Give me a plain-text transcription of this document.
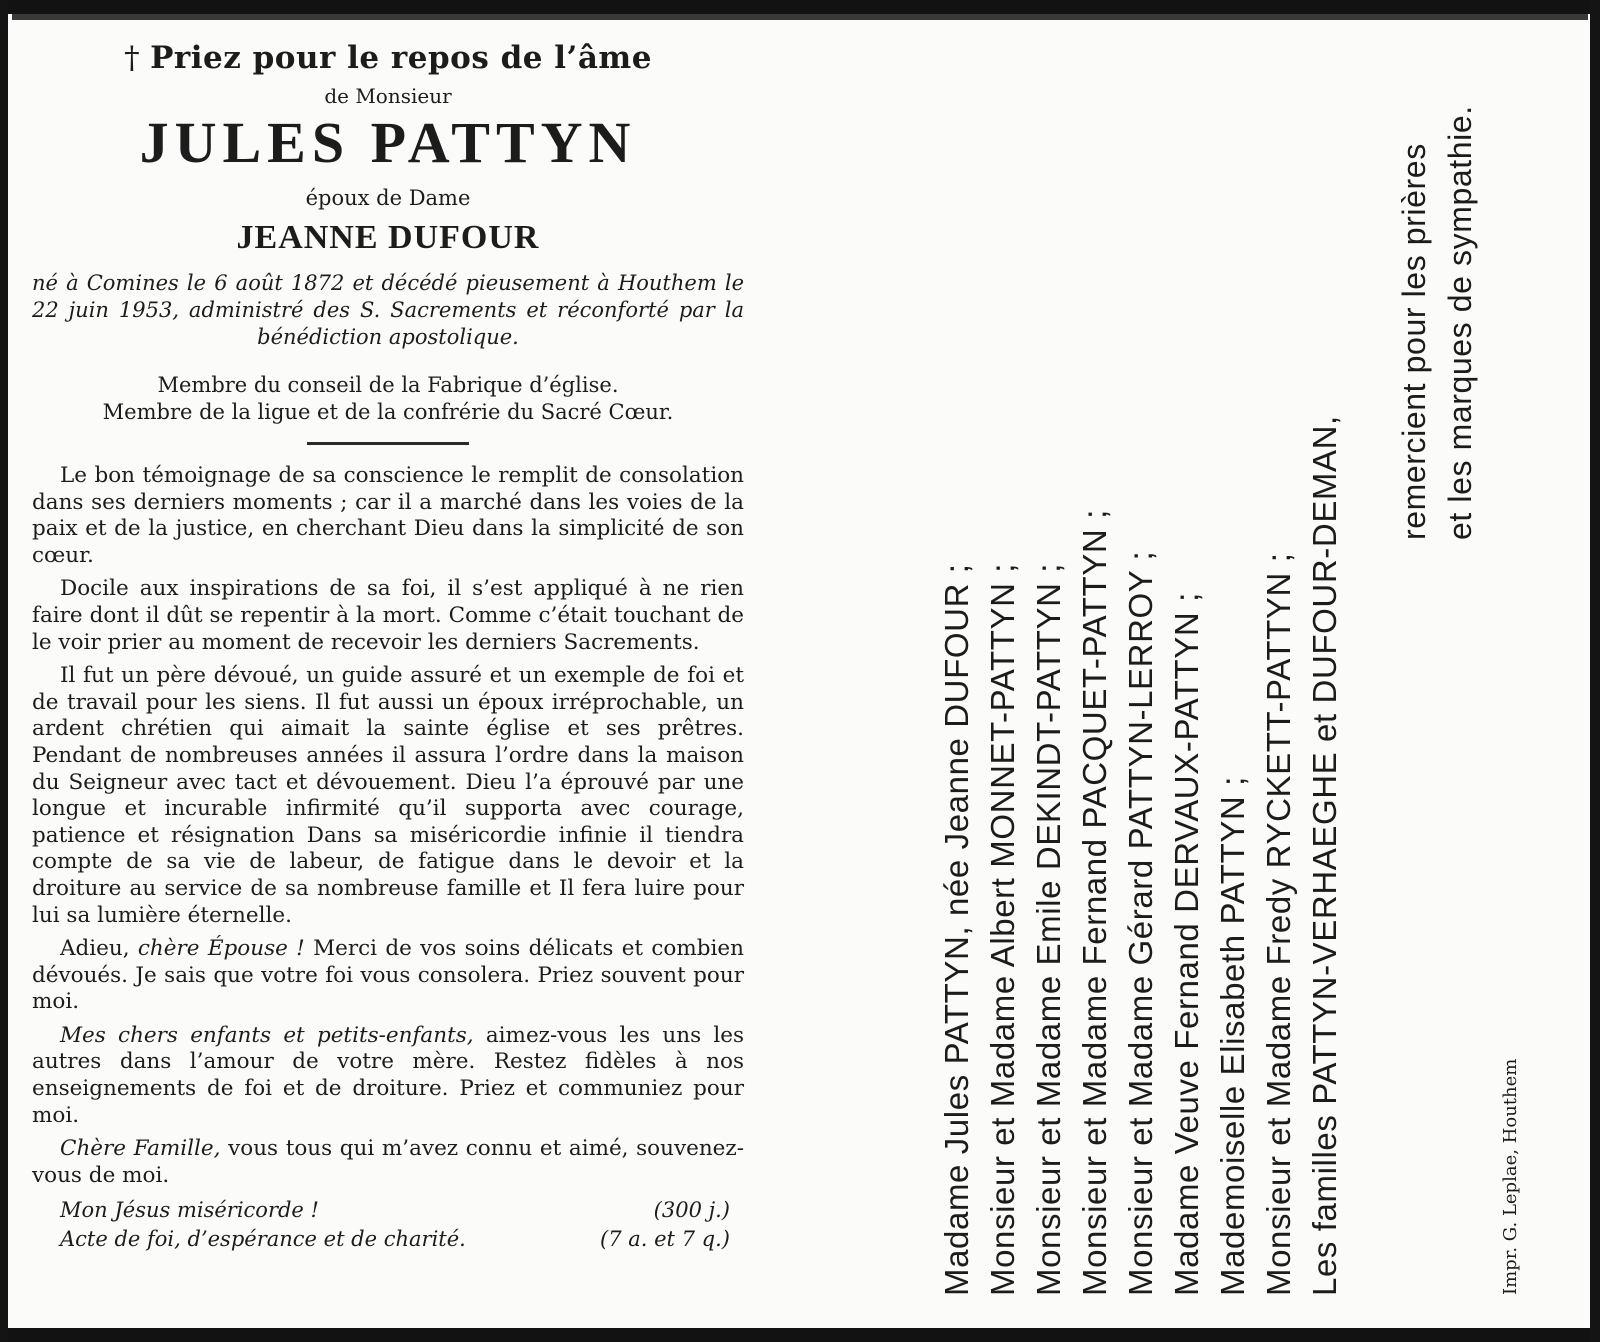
† Priez pour le repos de l’âme

de Monsieur

JULES PATTYN

époux de Dame

JEANNE DUFOUR

né à Comines le 6 août 1872 et décédé pieusement à Houthem le 22 juin 1953, administré des S. Sacrements et réconforté par la bénédiction apostolique.

Membre du conseil de la Fabrique d’église.

Membre de la ligue et de la confrérie du Sacré Cœur.

Le bon témoignage de sa conscience le remplit de consolation dans ses derniers moments ; car il a marché dans les voies de la paix et de la justice, en cherchant Dieu dans la simplicité de son cœur.

Docile aux inspirations de sa foi, il s’est appliqué à ne rien faire dont il dût se repentir à la mort. Comme c’était touchant de le voir prier au moment de recevoir les derniers Sacrements.

Il fut un père dévoué, un guide assuré et un exemple de foi et de travail pour les siens. Il fut aussi un époux irréprochable, un ardent chrétien qui aimait la sainte église et ses prêtres. Pendant de nombreuses années il assura l’ordre dans la maison du Seigneur avec tact et dévouement. Dieu l’a éprouvé par une longue et incurable infirmité qu’il supporta avec courage, patience et résignation Dans sa miséricordie infinie il tiendra compte de sa vie de labeur, de fatigue dans le devoir et la droiture au service de sa nombreuse famille et Il fera luire pour lui sa lumière éternelle.

Adieu, chère Épouse ! Merci de vos soins délicats et combien dévoués. Je sais que votre foi vous consolera. Priez souvent pour moi.

Mes chers enfants et petits-enfants, aimez-vous les uns les autres dans l’amour de votre mère. Restez fidèles à nos enseignements de foi et de droiture. Priez et communiez pour moi.

Chère Famille, vous tous qui m’avez connu et aimé, souvenez-vous de moi.

Mon Jésus miséricorde !	(300 j.)
Acte de foi, d’espérance et de charité.	(7 a. et 7 q.)	Madame Jules PATTYN, née Jeanne DUFOUR ; Monsieur et Madame Albert MONNET-PATTYN ; Monsieur et Madame Emile DEKINDT-PATTYN ; Monsieur et Madame Fernand PACQUET-PATTYN ; Monsieur et Madame Gérard PATTYN-LERROY ; Madame Veuve Fernand DERVAUX-PATTYN ; Mademoiselle Elisabeth PATTYN ; Monsieur et Madame Fredy RYCKETT-PATTYN ; Les familles PATTYN-VERHAEGHE et DUFOUR-DEMAN,
remercient pour les prières et les marques de sympathie.
Impr. G. Leplae, Houthem
